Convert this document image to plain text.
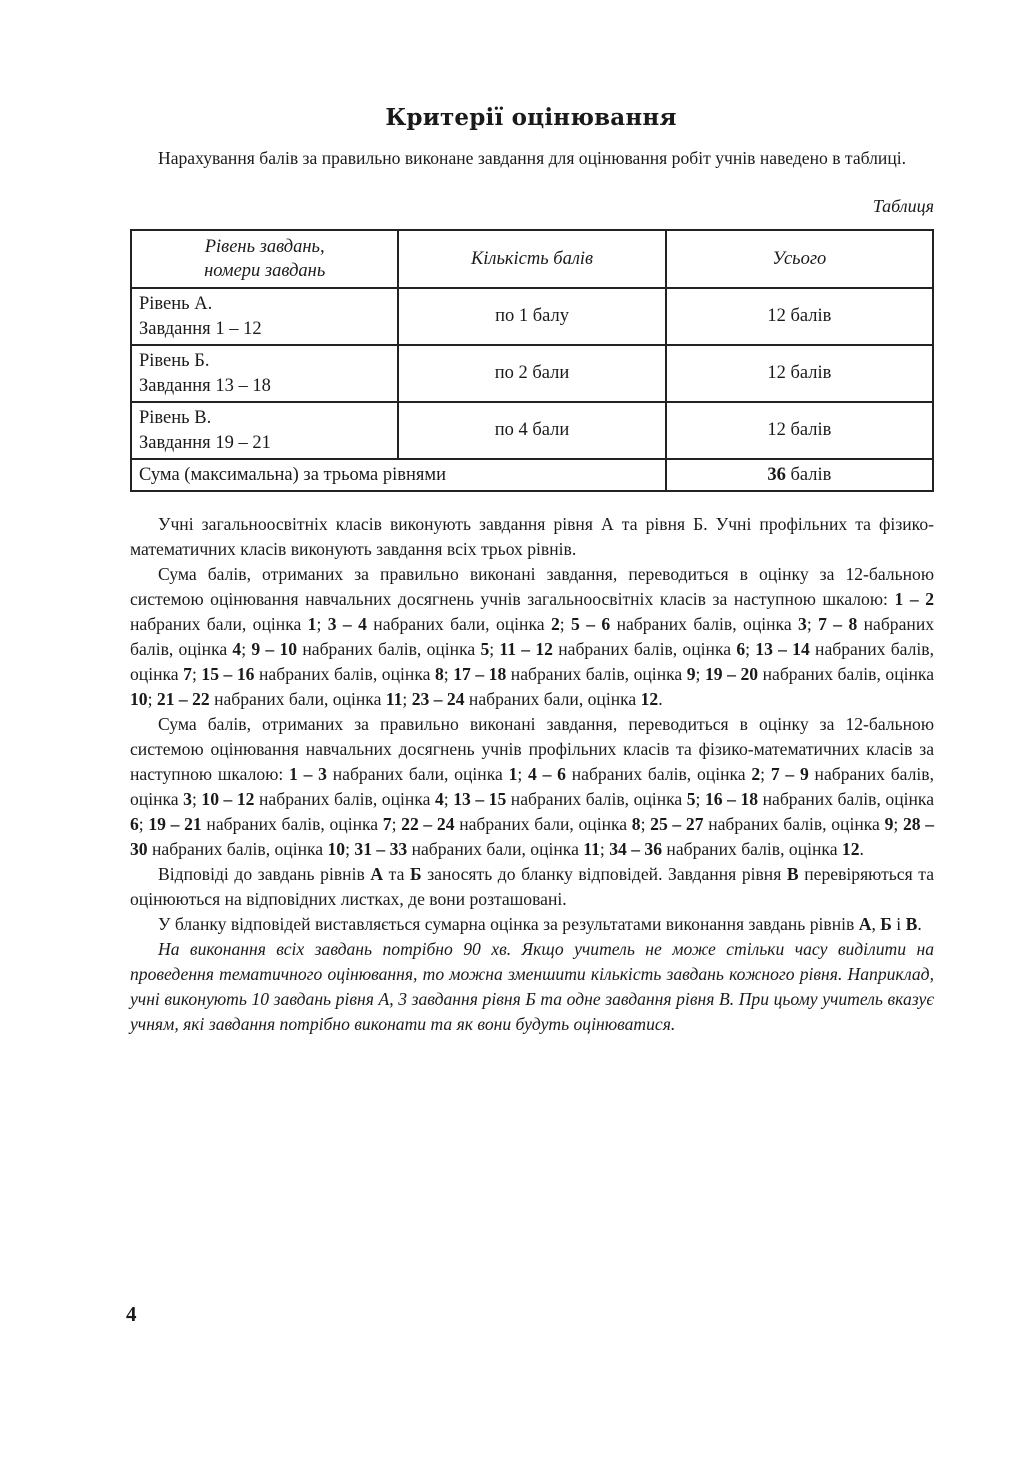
Критерії оцінювання

Нарахування балів за правильно виконане завдання для оцінювання робіт учнів наведено в таблиці.

Таблиця
Рівень завдань,
номери завдань	Кількість балів	Усього
Рівень А.
Завдання 1 – 12	по 1 балу	12 балів
Рівень Б.
Завдання 13 – 18	по 2 бали	12 балів
Рівень В.
Завдання 19 – 21	по 4 бали	12 балів
Сума (максимальна) за трьома рівнями		36 балів

Учні загальноосвітніх класів виконують завдання рівня А та рівня Б. Учні профільних та фізико-математичних класів виконують завдання всіх трьох рівнів.

Сума балів, отриманих за правильно виконані завдання, переводиться в оцінку за 12-бальною системою оцінювання навчальних досягнень учнів загальноосвітніх класів за наступною шкалою: 1 – 2 набраних бали, оцінка 1; 3 – 4 набраних бали, оцінка 2; 5 – 6 набраних балів, оцінка 3; 7 – 8 набраних балів, оцінка 4; 9 – 10 набраних балів, оцінка 5; 11 – 12 набраних балів, оцінка 6; 13 – 14 набраних балів, оцінка 7; 15 – 16 набраних балів, оцінка 8; 17 – 18 набраних балів, оцінка 9; 19 – 20 набраних балів, оцінка 10; 21 – 22 набраних бали, оцінка 11; 23 – 24 набраних бали, оцінка 12.

Сума балів, отриманих за правильно виконані завдання, переводиться в оцінку за 12-бальною системою оцінювання навчальних досягнень учнів профільних класів та фізико-математичних класів за наступною шкалою: 1 – 3 набраних бали, оцінка 1; 4 – 6 набраних балів, оцінка 2; 7 – 9 набраних балів, оцінка 3; 10 – 12 набраних балів, оцінка 4; 13 – 15 набраних балів, оцінка 5; 16 – 18 набраних балів, оцінка 6; 19 – 21 набраних балів, оцінка 7; 22 – 24 набраних бали, оцінка 8; 25 – 27 набраних балів, оцінка 9; 28 – 30 набраних балів, оцінка 10; 31 – 33 набраних бали, оцінка 11; 34 – 36 набраних балів, оцінка 12.

Відповіді до завдань рівнів А та Б заносять до бланку відповідей. Завдання рівня В перевіряються та оцінюються на відповідних листках, де вони розташовані.

У бланку відповідей виставляється сумарна оцінка за результатами виконання завдань рівнів А, Б і В.

На виконання всіх завдань потрібно 90 хв. Якщо учитель не може стільки часу виділити на проведення тематичного оцінювання, то можна зменшити кількість завдань кожного рівня. Наприклад, учні виконують 10 завдань рівня А, 3 завдання рівня Б та одне завдання рівня В. При цьому учитель вказує учням, які завдання потрібно виконати та як вони будуть оцінюватися.

4
